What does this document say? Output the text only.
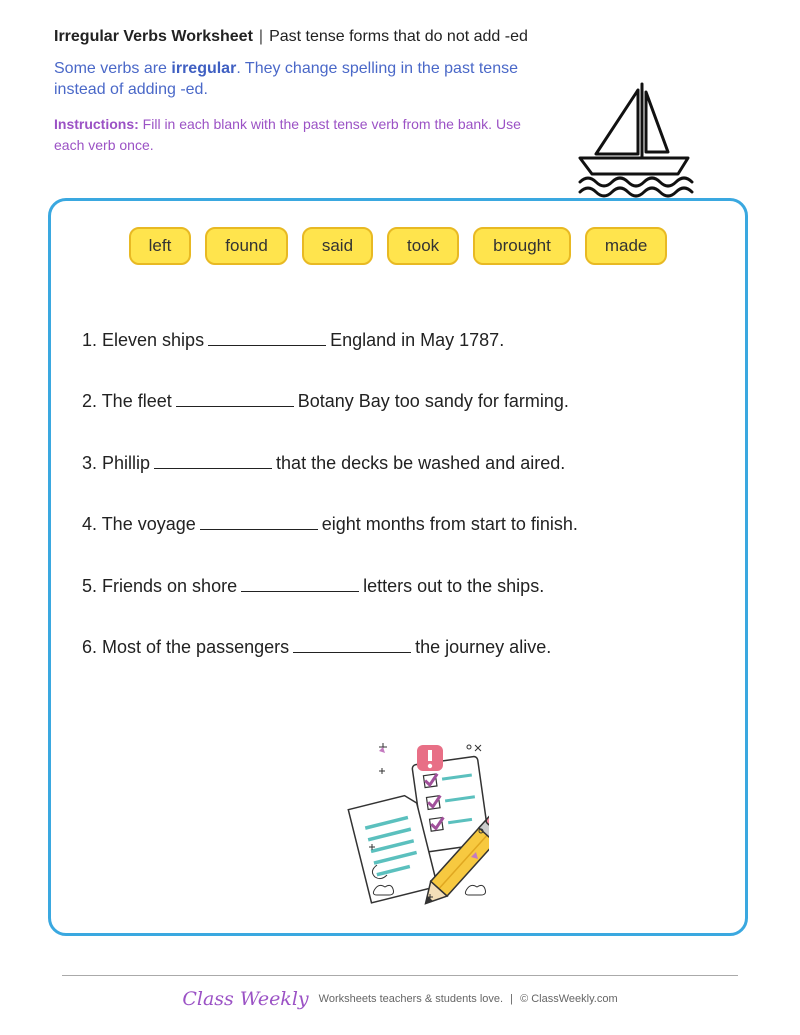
Irregular Verbs Worksheet | Past tense forms that do not add -ed
Some verbs are irregular. They change spelling in the past tense instead of adding -ed.
Instructions: Fill in each blank with the past tense verb from the bank. Use each verb once.
left	found	said	took	brought	made
1. Eleven ships	England in May 1787.
2. The fleet	Botany Bay too sandy for farming.
3. Phillip	that the decks be washed and aired.
4. The voyage	eight months from start to finish.
5. Friends on shore	letters out to the ships.
6. Most of the passengers	the journey alive.
Class Weekly Worksheets teachers & students love. | © ClassWeekly.com
